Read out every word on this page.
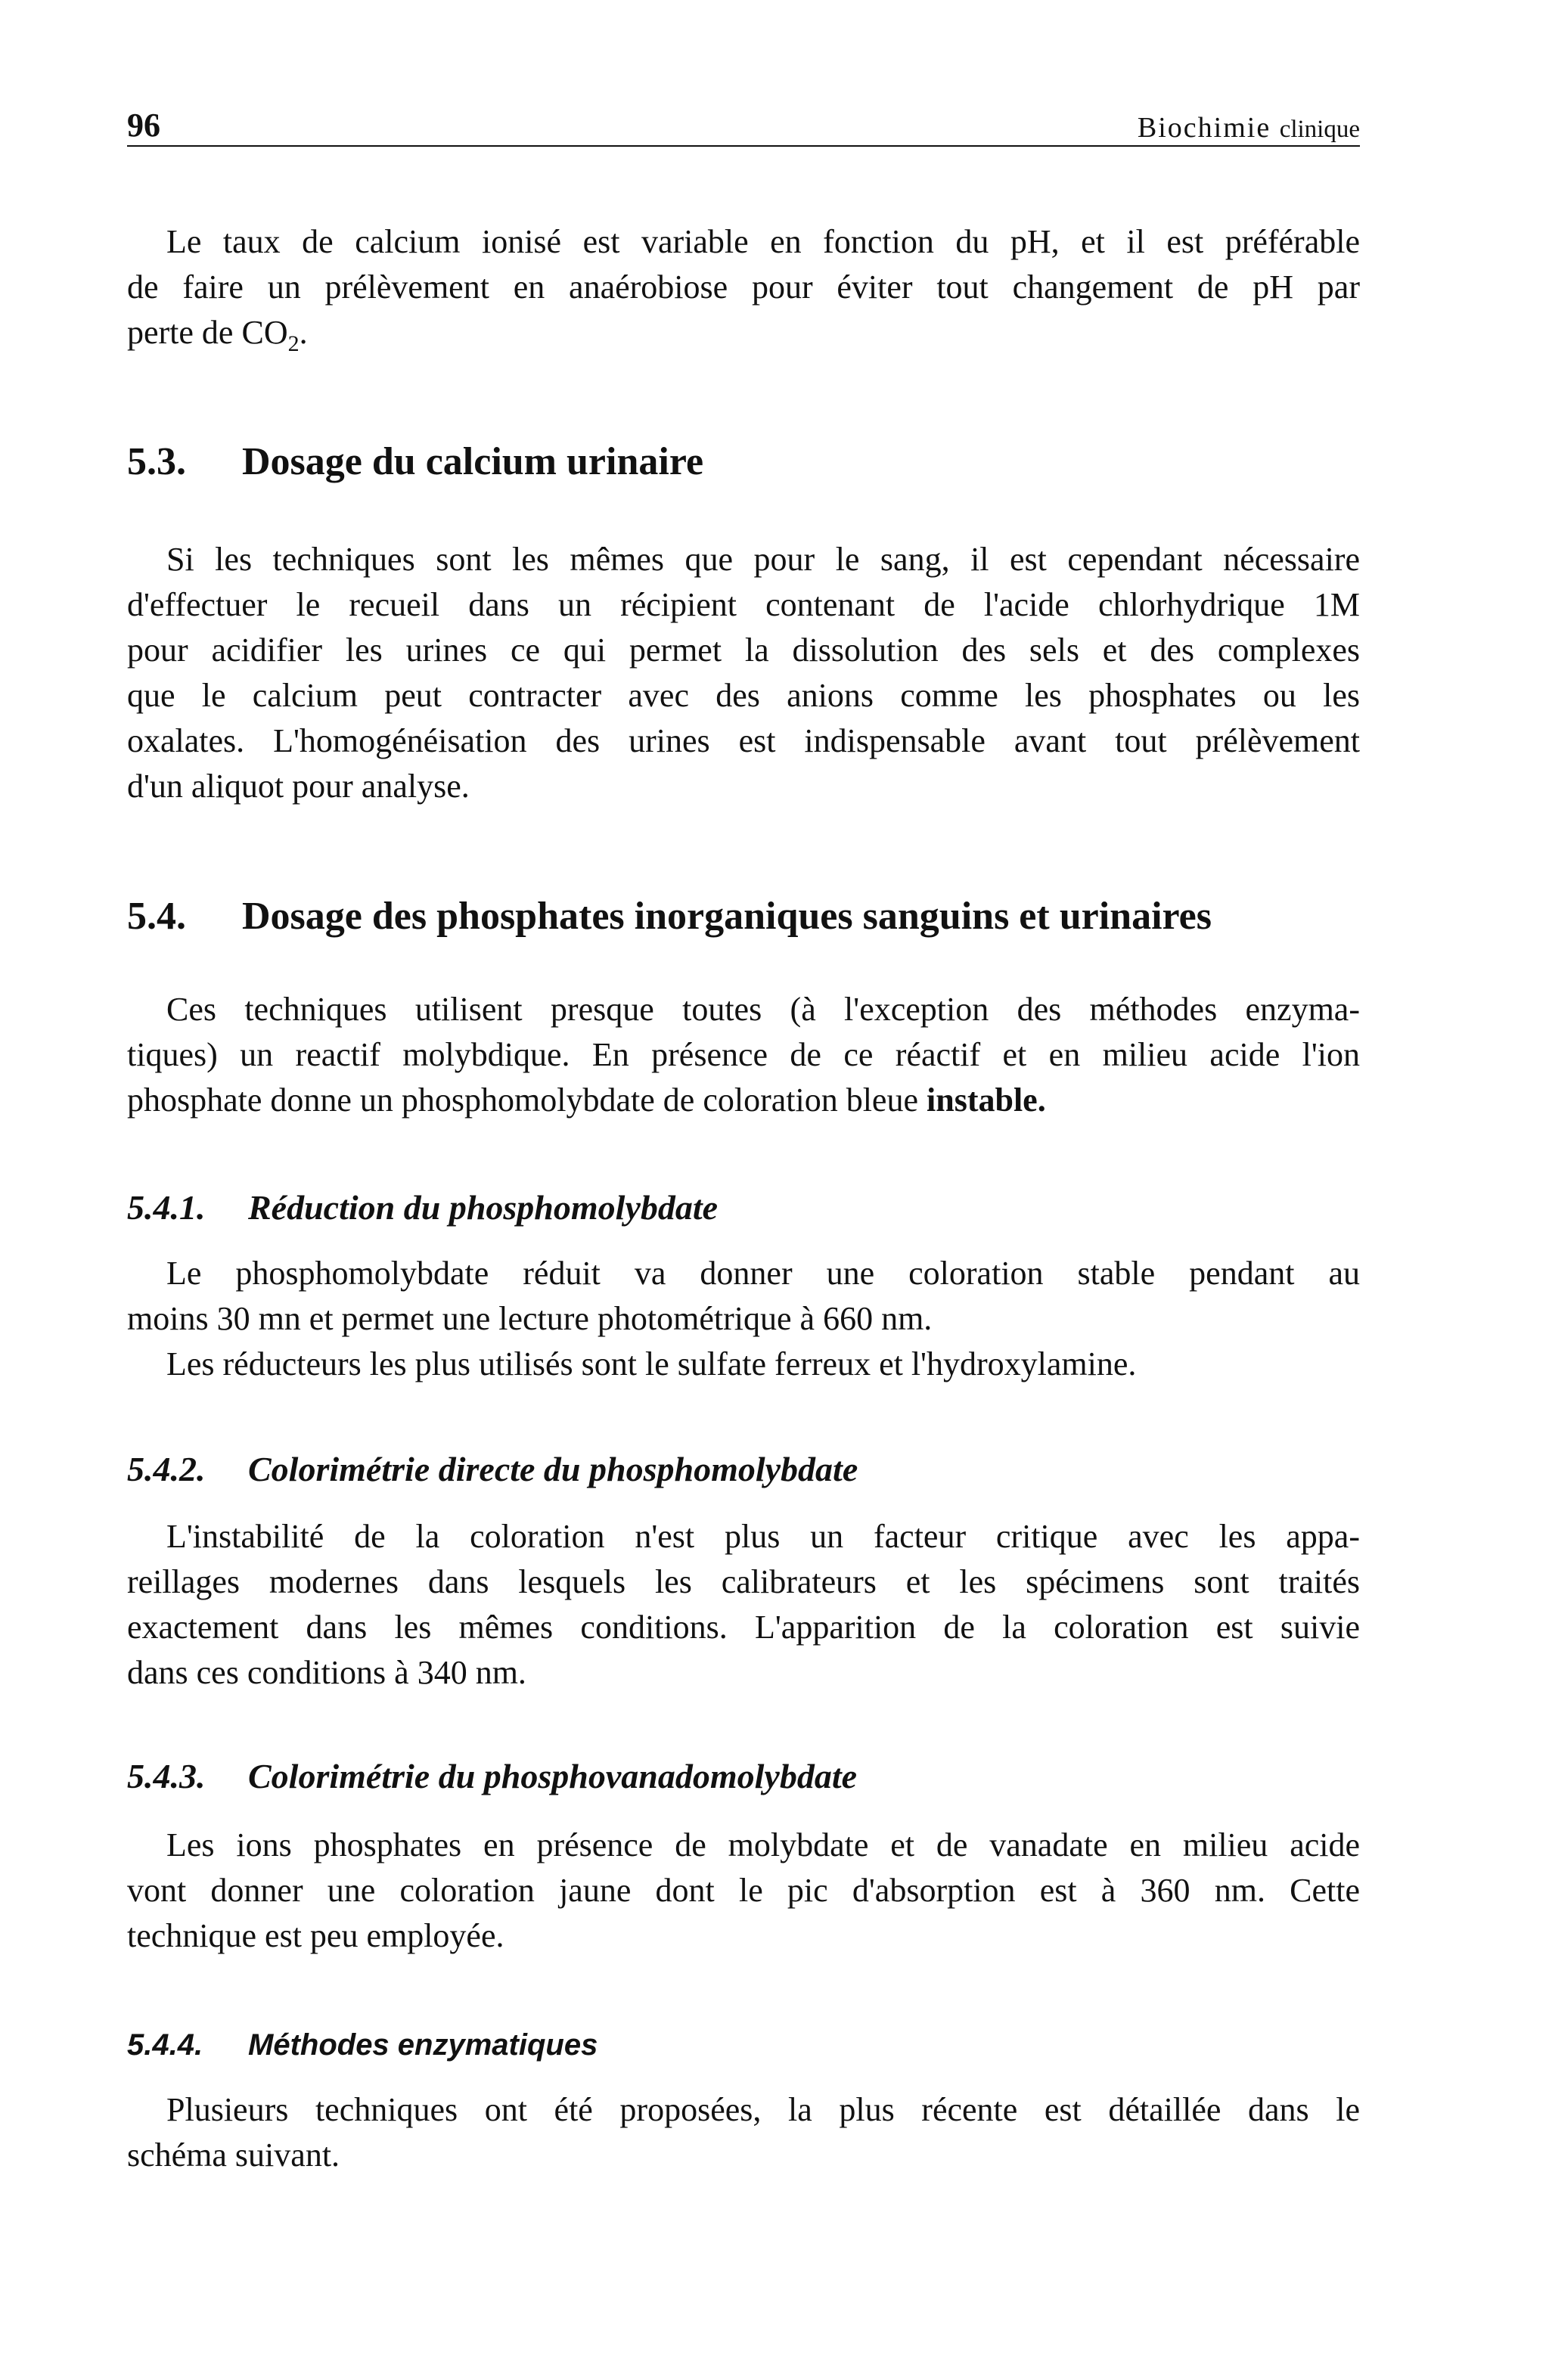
96	Biochimie clinique
Le taux de calcium ionisé est variable en fonction du pH, et il est préférable
de faire un prélèvement en anaérobiose pour éviter tout changement de pH par
perte de $CO_2$.
5.3. Dosage du calcium urinaire
Si les techniques sont les mêmes que pour le sang, il est cependant nécessaire
d'effectuer le recueil dans un récipient contenant de l'acide chlorhydrique 1M
pour acidifier les urines ce qui permet la dissolution des sels et des complexes
que le calcium peut contracter avec des anions comme les phosphates ou les
oxalates. L'homogénéisation des urines est indispensable avant tout prélèvement
d'un aliquot pour analyse.
5.4. Dosage des phosphates inorganiques sanguins et urinaires
Ces techniques utilisent presque toutes (à l'exception des méthodes enzyma-
tiques) un reactif molybdique. En présence de ce réactif et en milieu acide l'ion
phosphate donne un phosphomolybdate de coloration bleue instable.
5.4.1. Réduction du phosphomolybdate
Le phosphomolybdate réduit va donner une coloration stable pendant au
moins 30 mn et permet une lecture photométrique à 660 nm.
Les réducteurs les plus utilisés sont le sulfate ferreux et l'hydroxylamine.
5.4.2. Colorimétrie directe du phosphomolybdate
L'instabilité de la coloration n'est plus un facteur critique avec les appa-
reillages modernes dans lesquels les calibrateurs et les spécimens sont traités
exactement dans les mêmes conditions. L'apparition de la coloration est suivie
dans ces conditions à 340 nm.
5.4.3. Colorimétrie du phosphovanadomolybdate
Les ions phosphates en présence de molybdate et de vanadate en milieu acide
vont donner une coloration jaune dont le pic d'absorption est à 360 nm. Cette
technique est peu employée.
5.4.4. Méthodes enzymatiques
Plusieurs techniques ont été proposées, la plus récente est détaillée dans le
schéma suivant.
